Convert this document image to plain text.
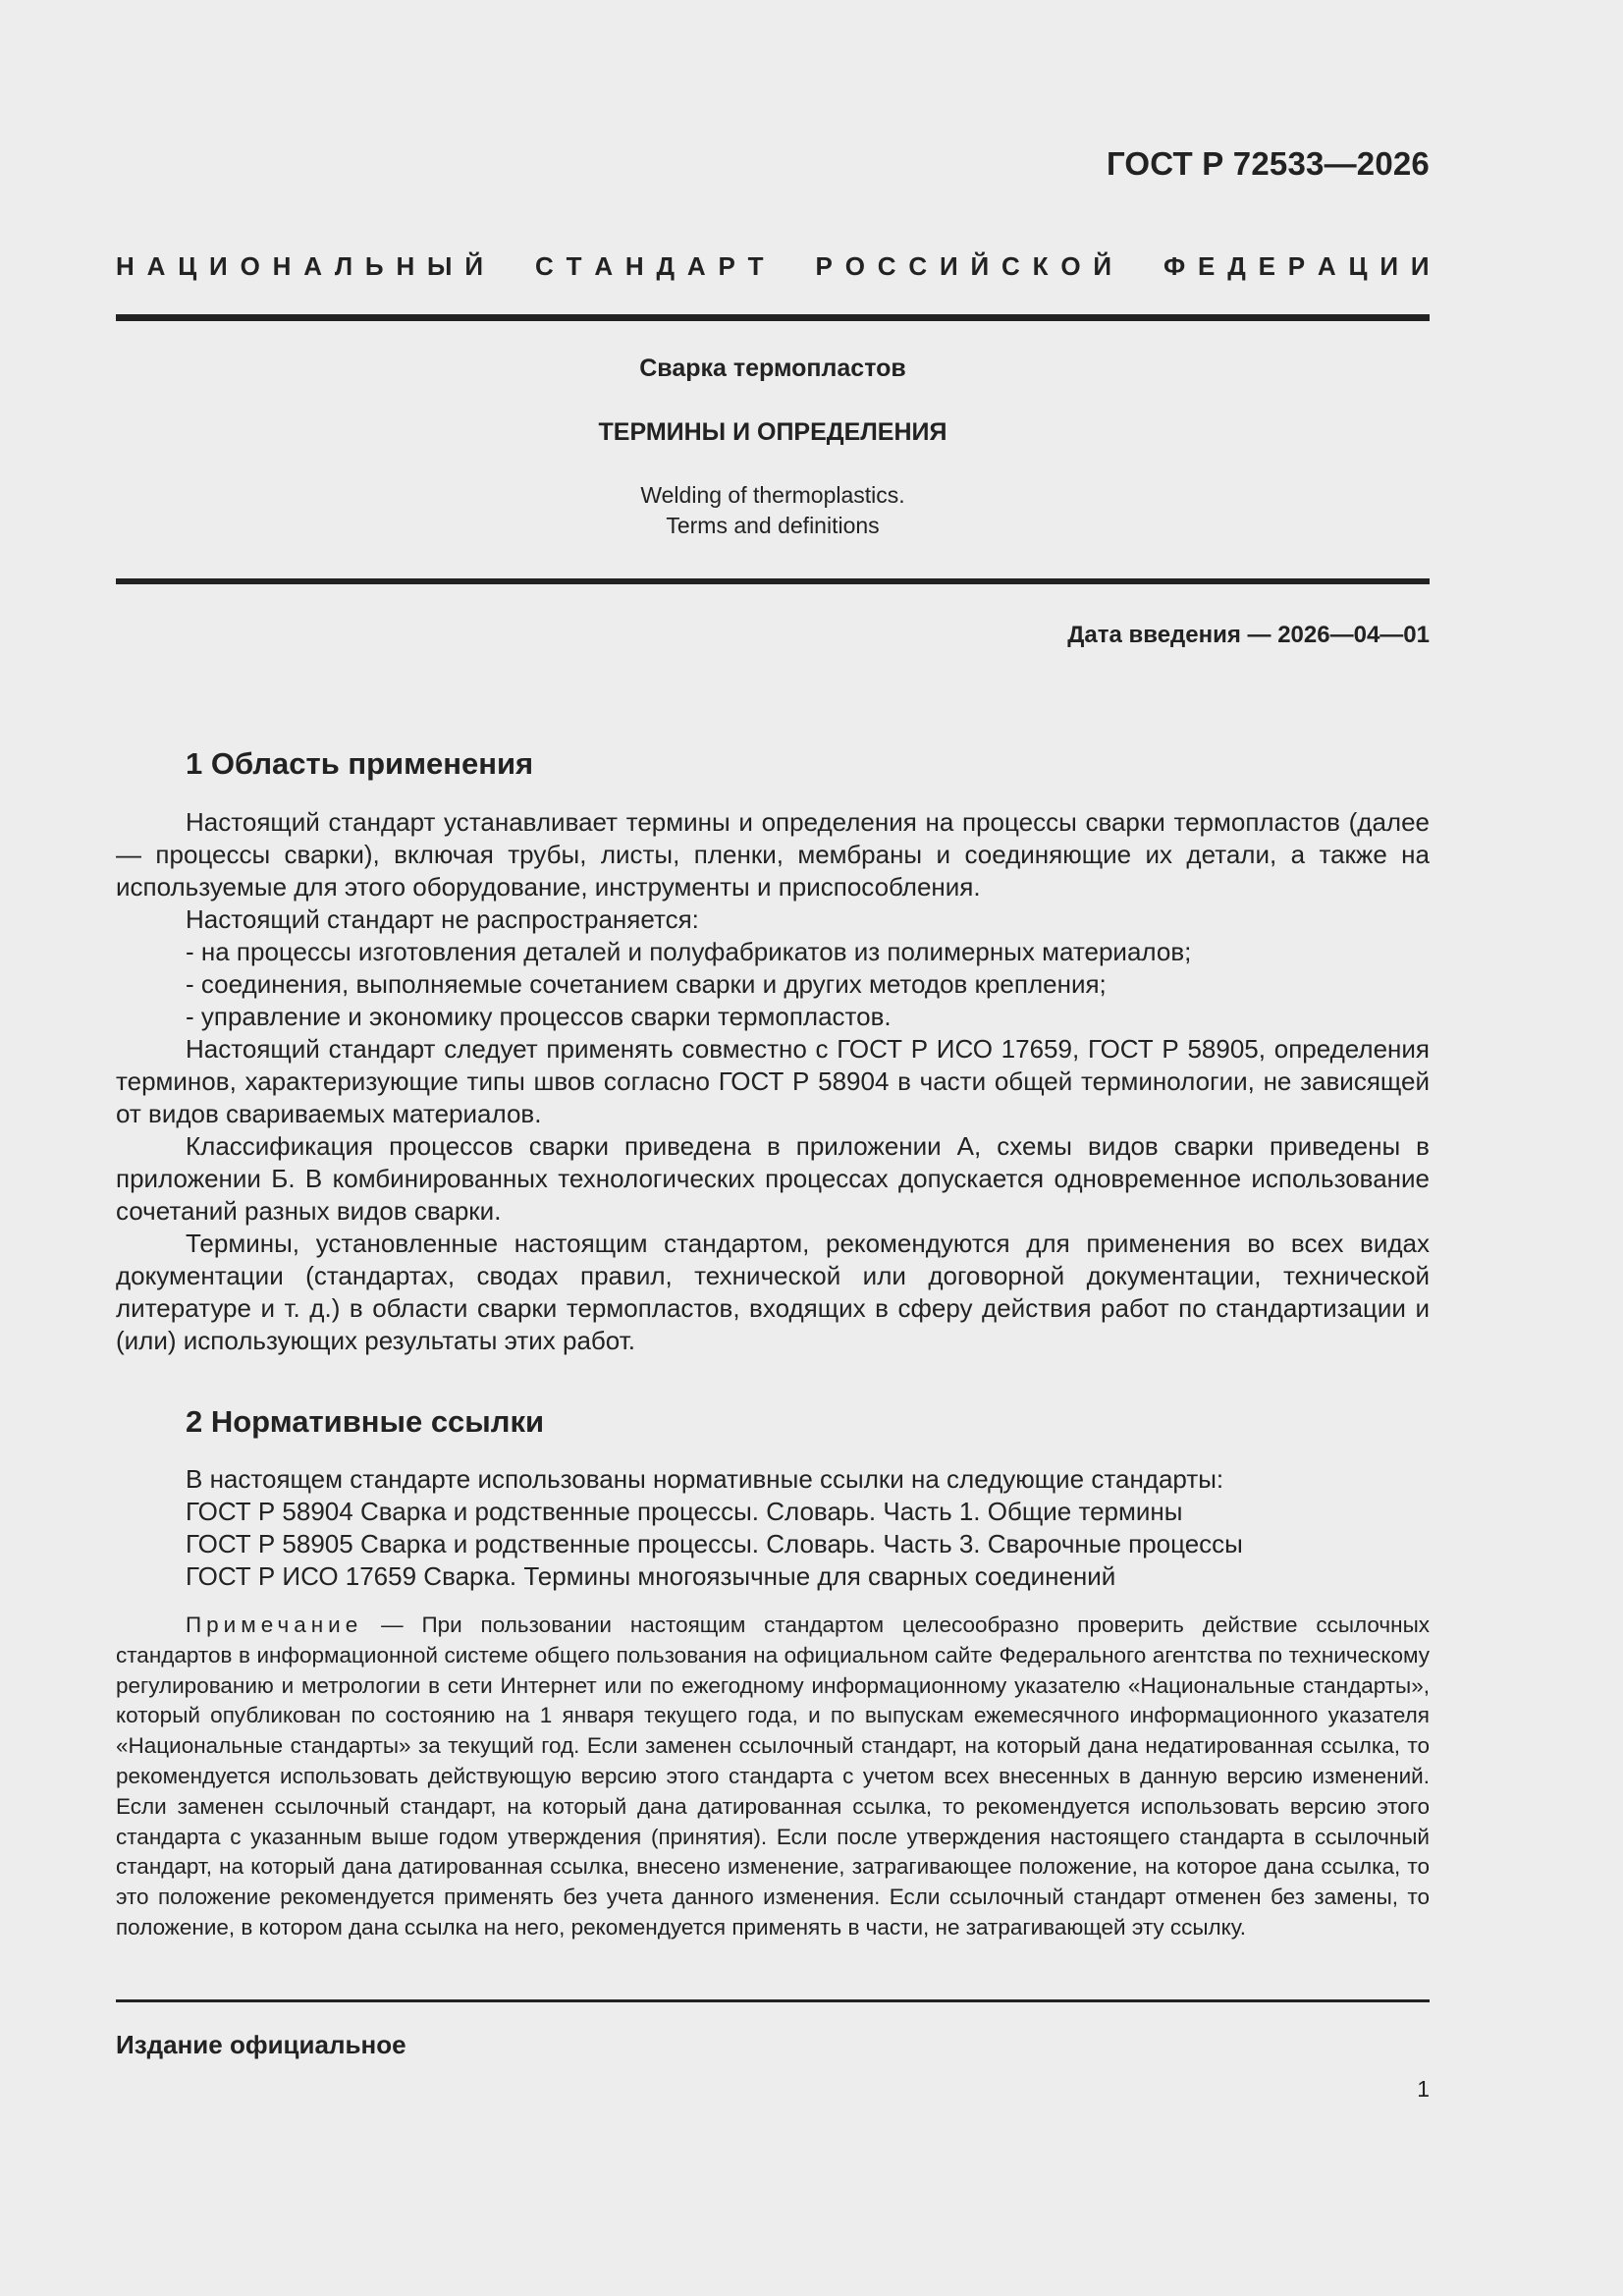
ГОСТ Р 72533—2026
Н А Ц И О Н А Л Ь Н Ы Й

С Т А Н Д А Р Т

Р О С С И Й С К О Й

Ф Е Д Е Р А Ц И И
Сварка термопластов
ТЕРМИНЫ И ОПРЕДЕЛЕНИЯ
Welding of thermoplastics.
Terms and definitions
Дата введения — 2026—04—01
1 Область применения

Настоящий стандарт устанавливает термины и определения на процессы сварки термопластов (далее — процессы сварки), включая трубы, листы, пленки, мембраны и соединяющие их детали, а также на используемые для этого оборудование, инструменты и приспособления.

Настоящий стандарт не распространяется:

- на процессы изготовления деталей и полуфабрикатов из полимерных материалов;

- соединения, выполняемые сочетанием сварки и других методов крепления;

- управление и экономику процессов сварки термопластов.

Настоящий стандарт следует применять совместно с ГОСТ Р ИСО 17659, ГОСТ Р 58905, определения терминов, характеризующие типы швов согласно ГОСТ Р 58904 в части общей терминологии, не зависящей от видов свариваемых материалов.

Классификация процессов сварки приведена в приложении А, схемы видов сварки приведены в приложении Б. В комбинированных технологических процессах допускается одновременное использование сочетаний разных видов сварки.

Термины, установленные настоящим стандартом, рекомендуются для применения во всех видах документации (стандартах, сводах правил, технической или договорной документации, технической литературе и т. д.) в области сварки термопластов, входящих в сферу действия работ по стандартизации и (или) использующих результаты этих работ.

2 Нормативные ссылки
В настоящем стандарте использованы нормативные ссылки на следующие стандарты:
ГОСТ Р 58904 Сварка и родственные процессы. Словарь. Часть 1. Общие термины
ГОСТ Р 58905 Сварка и родственные процессы. Словарь. Часть 3. Сварочные процессы
ГОСТ Р ИСО 17659 Сварка. Термины многоязычные для сварных соединений
Примечание — При пользовании настоящим стандартом целесообразно проверить действие ссылочных стандартов в информационной системе общего пользования на официальном сайте Федерального агентства по техническому регулированию и метрологии в сети Интернет или по ежегодному информационному указателю «Национальные стандарты», который опубликован по состоянию на 1 января текущего года, и по выпускам ежемесячного информационного указателя «Национальные стандарты» за текущий год. Если заменен ссылочный стандарт, на который дана недатированная ссылка, то рекомендуется использовать действующую версию этого стандарта с учетом всех внесенных в данную версию изменений. Если заменен ссылочный стандарт, на который дана датированная ссылка, то рекомендуется использовать версию этого стандарта с указанным выше годом утверждения (принятия). Если после утверждения настоящего стандарта в ссылочный стандарт, на который дана датированная ссылка, внесено изменение, затрагивающее положение, на которое дана ссылка, то это положение рекомендуется применять без учета данного изменения. Если ссылочный стандарт отменен без замены, то положение, в котором дана ссылка на него, рекомендуется применять в части, не затрагивающей эту ссылку.
Издание официальное
1
